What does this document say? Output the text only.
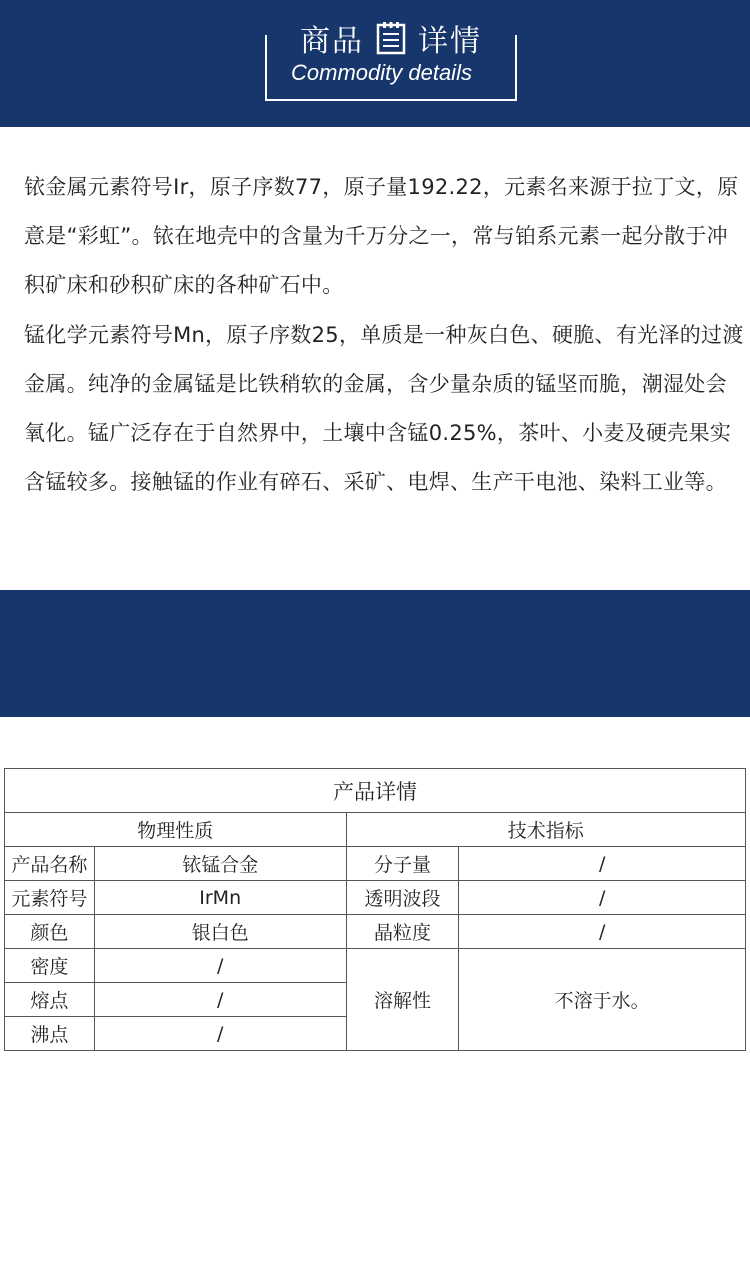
商品 详情
Commodity details
铱金属元素符号Ir，原子序数77，原子量192.22，元素名来源于拉丁文，原意是“彩虹”。铱在地壳中的含量为千万分之一，常与铂系元素一起分散于冲积矿床和砂积矿床的各种矿石中。
锰化学元素符号Mn，原子序数25，单质是一种灰白色、硬脆、有光泽的过渡金属。纯净的金属锰是比铁稍软的金属，含少量杂质的锰坚而脆，潮湿处会氧化。锰广泛存在于自然界中，土壤中含锰0.25%，茶叶、小麦及硬壳果实含锰较多。接触锰的作业有碎石、采矿、电焊、生产干电池、染料工业等。
产品 详情
Chemical composition
产品详情			
物理性质		技术指标	
产品名称	铱锰合金	分子量	/
元素符号	IrMn	透明波段	/
颜色	银白色	晶粒度	/
密度	/	溶解性	不溶于水。
熔点	/		
沸点	/		
